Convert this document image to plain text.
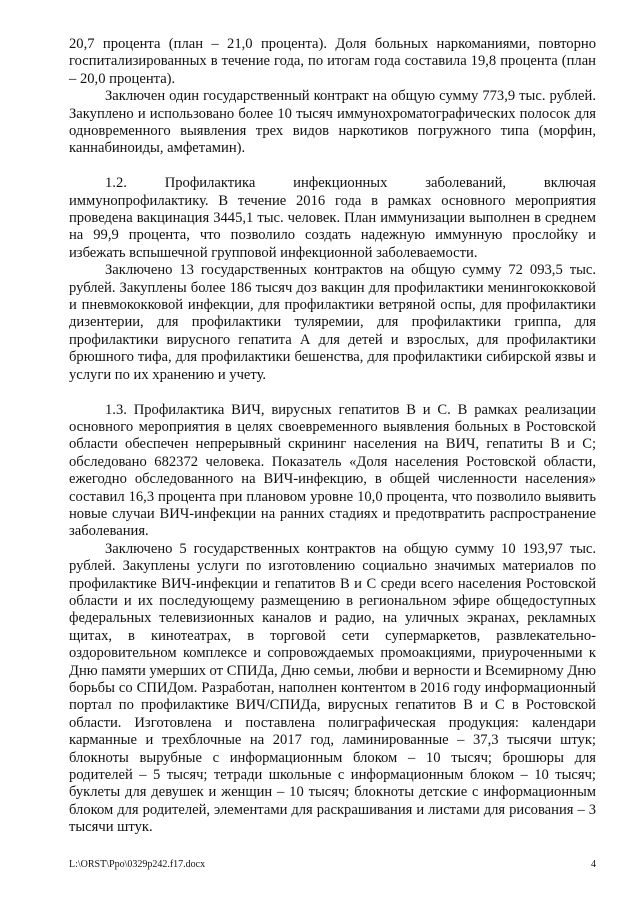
20,7 процента (план – 21,0 процента). Доля больных наркоманиями, повторно госпитализированных в течение года, по итогам года составила 19,8 процента (план – 20,0 процента).

Заключен один государственный контракт на общую сумму 773,9 тыс. рублей. Закуплено и использовано более 10 тысяч иммунохроматографических полосок для одновременного выявления трех видов наркотиков погружного типа (морфин, каннабиноиды, амфетамин).

1.2. Профилактика инфекционных заболеваний, включая иммунопрофилактику. В течение 2016 года в рамках основного мероприятия проведена вакцинация 3445,1 тыс. человек. План иммунизации выполнен в среднем на 99,9 процента, что позволило создать надежную иммунную прослойку и избежать вспышечной групповой инфекционной заболеваемости.

Заключено 13 государственных контрактов на общую сумму 72 093,5 тыс. рублей. Закуплены более 186 тысяч доз вакцин для профилактики менингококковой и пневмококковой инфекции, для профилактики ветряной оспы, для профилактики дизентерии, для профилактики туляремии, для профилактики гриппа, для профилактики вирусного гепатита А для детей и взрослых, для профилактики брюшного тифа, для профилактики бешенства, для профилактики сибирской язвы и услуги по их хранению и учету.

1.3. Профилактика ВИЧ, вирусных гепатитов В и С. В рамках реализации основного мероприятия в целях своевременного выявления больных в Ростовской области обеспечен непрерывный скрининг населения на ВИЧ, гепатиты В и С; обследовано 682372 человека. Показатель «Доля населения Ростовской области, ежегодно обследованного на ВИЧ-инфекцию, в общей численности населения» составил 16,3 процента при плановом уровне 10,0 процента, что позволило выявить новые случаи ВИЧ-инфекции на ранних стадиях и предотвратить распространение заболевания.

Заключено 5 государственных контрактов на общую сумму 10 193,97 тыс. рублей. Закуплены услуги по изготовлению социально значимых материалов по профилактике ВИЧ-инфекции и гепатитов В и С среди всего населения Ростовской области и их последующему размещению в региональном эфире общедоступных федеральных телевизионных каналов и радио, на уличных экранах, рекламных щитах, в кинотеатрах, в торговой сети супермаркетов, развлекательно-оздоровительном комплексе и сопровождаемых промоакциями, приуроченными к Дню памяти умерших от СПИДа, Дню семьи, любви и верности и Всемирному Дню борьбы со СПИДом. Разработан, наполнен контентом в 2016 году информационный портал по профилактике ВИЧ/СПИДа, вирусных гепатитов В и С в Ростовской области. Изготовлена и поставлена полиграфическая продукция: календари карманные и трехблочные на 2017 год, ламинированные – 37,3 тысячи штук; блокноты вырубные с информационным блоком – 10 тысяч; брошюры для родителей – 5 тысяч; тетради школьные с информационным блоком – 10 тысяч; буклеты для девушек и женщин – 10 тысяч; блокноты детские с информационным блоком для родителей, элементами для раскрашивания и листами для рисования – 3 тысячи штук.

L:\ORST\Ppo\0329p242.f17.docx	4
